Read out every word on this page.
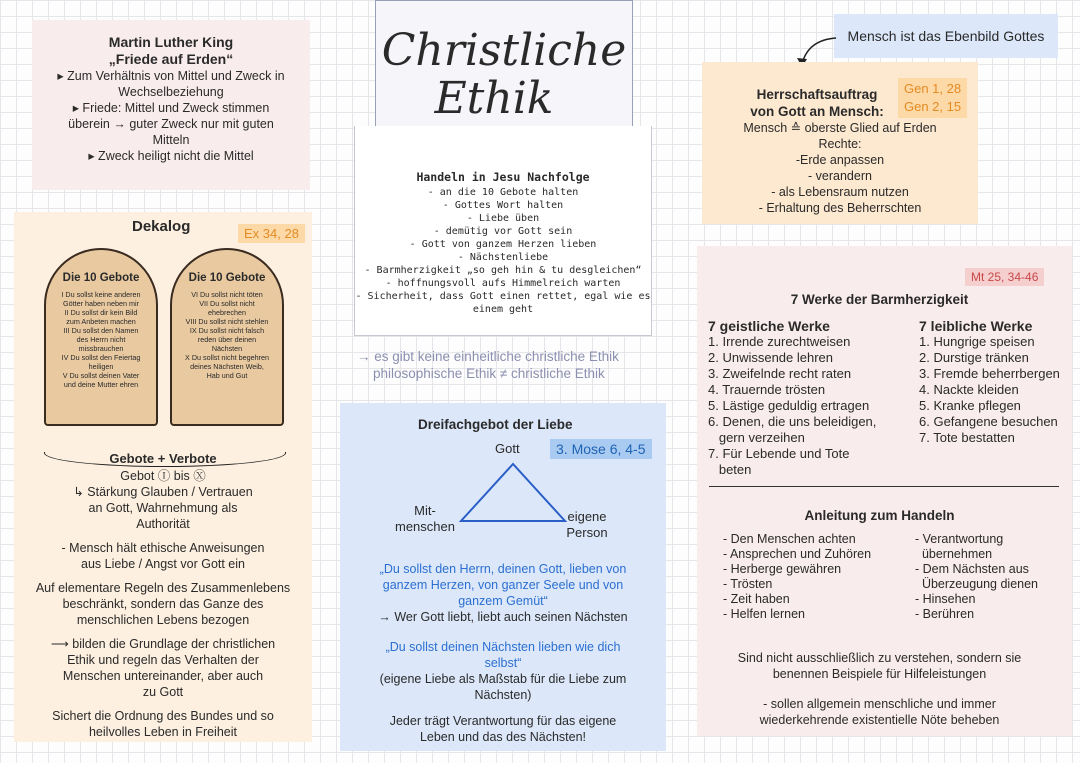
Martin Luther King
„Friede auf Erden“

▸ Zum Verhältnis von Mittel und Zweck in

Wechselbeziehung

▸ Friede: Mittel und Zweck stimmen

überein → guter Zweck nur mit guten

Mitteln

▸ Zweck heiligt nicht die Mittel

Dekalog	Ex 34, 28
Gebote + Verbote

Gebot Ⓘ bis Ⓧ

↳ Stärkung Glauben / Vertrauen

an Gott, Wahrnehmung als

Authorität

- Mensch hält ethische Anweisungen

aus Liebe / Angst vor Gott ein

Auf elementare Regeln des Zusammenlebens

beschränkt, sondern das Ganze des

menschlichen Lebens bezogen

⟶ bilden die Grundlage der christlichen

Ethik und regeln das Verhalten der

Menschen untereinander, aber auch

zu Gott

Sichert die Ordnung des Bundes und so

heilvolles Leben in Freiheit

Die 10 Gebote
I Du sollst keine anderen
Götter haben neben mir
II Du sollst dir kein Bild
zum Anbeten machen
III Du sollst den Namen
des Herrn nicht
missbrauchen
IV Du sollst den Feiertag
heiligen
V Du sollst deinen Vater
und deine Mutter ehren
Die 10 Gebote
VI Du sollst nicht töten
VII Du sollst nicht
ehebrechen
VIII Du sollst nicht stehlen
IX Du sollst nicht falsch
reden über deinen
Nächsten
X Du sollst nicht begehren
deines Nächsten Weib,
Hab und Gut
Christliche
Ethik
Handeln in Jesu Nachfolge
- an die 10 Gebote halten
- Gottes Wort halten
- Liebe üben
- demütig vor Gott sein
- Gott von ganzem Herzen lieben
- Nächstenliebe
- Barmherzigkeit „so geh hin & tu desgleichen“
- hoffnungsvoll aufs Himmelreich warten
- Sicherheit, dass Gott einen rettet, egal wie es
einem geht
→ es gibt keine einheitliche christliche Ethik
philosophische Ethik ≠ christliche Ethik
Dreifachgebot der Liebe
3. Mose 6, 4-5
Gott
Mit-
menschen
eigene
Person
„Du sollst den Herrn, deinen Gott, lieben von
ganzem Herzen, von ganzer Seele und von
ganzem Gemüt“
→ Wer Gott liebt, liebt auch seinen Nächsten
„Du sollst deinen Nächsten lieben wie dich
selbst“
(eigene Liebe als Maßstab für die Liebe zum
Nächsten)
Jeder trägt Verantwortung für das eigene
Leben und das des Nächsten!
Mensch ist das Ebenbild Gottes
Herrschaftsauftrag
von Gott an Mensch:
Gen 1, 28
Gen 2, 15
Mensch ≙ oberste Glied auf Erden
Rechte:
-Erde anpassen
- verandern
- als Lebensraum nutzen
- Erhaltung des Beherrschten
Mt 25, 34-46
7 Werke der Barmherzigkeit
7 geistliche Werke
1. Irrende zurechtweisen
2. Unwissende lehren
3. Zweifelnde recht raten
4. Trauernde trösten
5. Lästige geduldig ertragen
6. Denen, die uns beleidigen,
gern verzeihen
7. Für Lebende und Tote
beten
7 leibliche Werke
1. Hungrige speisen
2. Durstige tränken
3. Fremde beherrbergen
4. Nackte kleiden
5. Kranke pflegen
6. Gefangene besuchen
7. Tote bestatten
Anleitung zum Handeln
- Den Menschen achten
- Ansprechen und Zuhören
- Herberge gewähren
- Trösten
- Zeit haben
- Helfen lernen
- Verantwortung
übernehmen
- Dem Nächsten aus
Überzeugung dienen
- Hinsehen
- Berühren
Sind nicht ausschließlich zu verstehen, sondern sie
benennen Beispiele für Hilfeleistungen
- sollen allgemein menschliche und immer
wiederkehrende existentielle Nöte beheben
